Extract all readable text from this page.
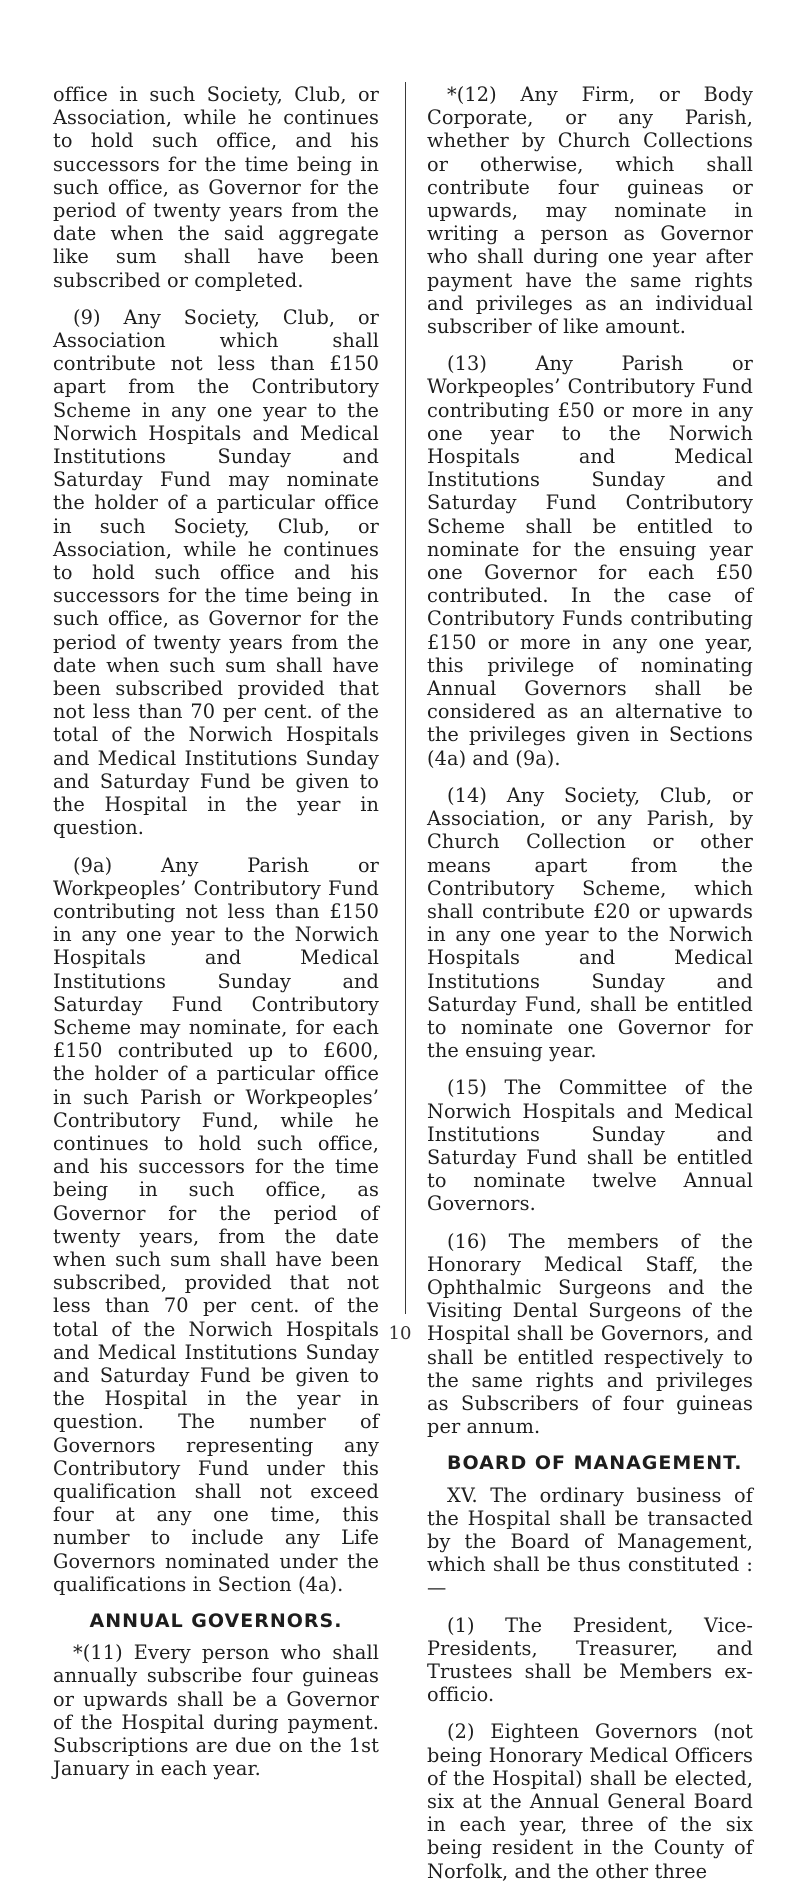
office in such Society, Club, or Association, while he continues to hold such office, and his successors for the time being in such office, as Governor for the period of twenty years from the date when the said aggregate like sum shall have been subscribed or completed.

(9) Any Society, Club, or Association which shall contribute not less than £150 apart from the Contributory Scheme in any one year to the Norwich Hospitals and Medical Institutions Sunday and Saturday Fund may nominate the holder of a particular office in such Society, Club, or Association, while he continues to hold such office and his successors for the time being in such office, as Governor for the period of twenty years from the date when such sum shall have been subscribed provided that not less than 70 per cent. of the total of the Norwich Hospitals and Medical Institutions Sunday and Saturday Fund be given to the Hospital in the year in question.

(9a) Any Parish or Workpeoples’ Contributory Fund contributing not less than £150 in any one year to the Norwich Hospitals and Medical Institutions Sunday and Saturday Fund Contributory Scheme may nominate, for each £150 contributed up to £600, the holder of a particular office in such Parish or Workpeoples’ Contributory Fund, while he continues to hold such office, and his successors for the time being in such office, as Governor for the period of twenty years, from the date when such sum shall have been subscribed, provided that not less than 70 per cent. of the total of the Norwich Hospitals and Medical Institutions Sunday and Saturday Fund be given to the Hospital in the year in question. The number of Governors representing any Contributory Fund under this qualification shall not exceed four at any one time, this number to include any Life Governors nominated under the qualifications in Section (4a).

ANNUAL GOVERNORS.

*(11) Every person who shall annually subscribe four guineas or upwards shall be a Governor of the Hospital during payment. Subscriptions are due on the 1st January in each year.

*(12) Any Firm, or Body Corporate, or any Parish, whether by Church Collections or otherwise, which shall contribute four guineas or upwards, may nominate in writing a person as Governor who shall during one year after payment have the same rights and privileges as an individual subscriber of like amount.

(13) Any Parish or Workpeoples’ Contributory Fund contributing £50 or more in any one year to the Norwich Hospitals and Medical Institutions Sunday and Saturday Fund Contributory Scheme shall be entitled to nominate for the ensuing year one Governor for each £50 contributed. In the case of Contributory Funds contributing £150 or more in any one year, this privilege of nominating Annual Governors shall be considered as an alternative to the privileges given in Sections (4a) and (9a).

(14) Any Society, Club, or Association, or any Parish, by Church Collection or other means apart from the Contributory Scheme, which shall contribute £20 or upwards in any one year to the Norwich Hospitals and Medical Institutions Sunday and Saturday Fund, shall be entitled to nominate one Governor for the ensuing year.

(15) The Committee of the Norwich Hospitals and Medical Institutions Sunday and Saturday Fund shall be entitled to nominate twelve Annual Governors.

(16) The members of the Honorary Medical Staff, the Ophthalmic Surgeons and the Visiting Dental Surgeons of the Hospital shall be Governors, and shall be entitled respectively to the same rights and privileges as Subscribers of four guineas per annum.

BOARD OF MANAGEMENT.

XV. The ordinary business of the Hospital shall be transacted by the Board of Management, which shall be thus constituted :—

(1) The President, Vice-Presidents, Treasurer, and Trustees shall be Members ex-officio.

(2) Eighteen Governors (not being Honorary Medical Officers of the Hospital) shall be elected, six at the Annual General Board in each year, three of the six being resident in the County of Norfolk, and the other three

10
